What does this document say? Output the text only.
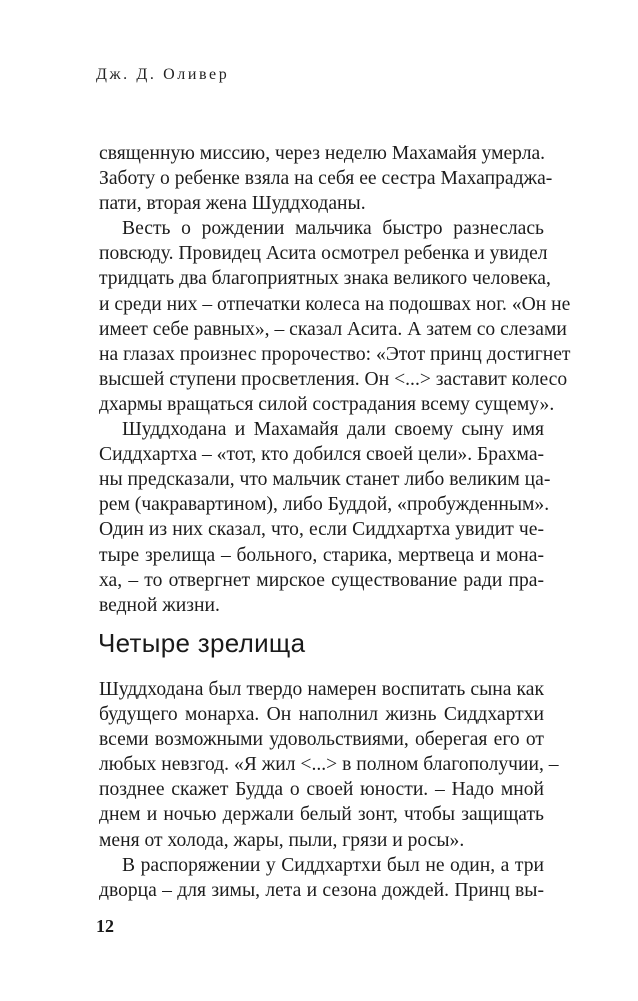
Дж. Д. Оливер
священную миссию, через неделю Махамайя умерла.
Заботу о ребенке взяла на себя ее сестра Махапраджа-
пати, вторая жена Шуддходаны.
Весть о рождении мальчика быстро разнеслась
повсюду. Провидец Асита осмотрел ребенка и увидел
тридцать два благоприятных знака великого человека,
и среди них – отпечатки колеса на подошвах ног. «Он не
имеет себе равных», – сказал Асита. А затем со слезами
на глазах произнес пророчество: «Этот принц достигнет
высшей ступени просветления. Он <...> заставит колесо
дхармы вращаться силой сострадания всему сущему».
Шуддходана и Махамайя дали своему сыну имя
Сиддхартха – «тот, кто добился своей цели». Брахма-
ны предсказали, что мальчик станет либо великим ца-
рем (чакравартином), либо Буддой, «пробужденным».
Один из них сказал, что, если Сиддхартха увидит че-
тыре зрелища – больного, старика, мертвеца и мона-
ха, – то отвергнет мирское существование ради пра-
ведной жизни.
Четыре зрелища
Шуддходана был твердо намерен воспитать сына как
будущего монарха. Он наполнил жизнь Сиддхартхи
всеми возможными удовольствиями, оберегая его от
любых невзгод. «Я жил <...> в полном благополучии, –
позднее скажет Будда о своей юности. – Надо мной
днем и ночью держали белый зонт, чтобы защищать
меня от холода, жары, пыли, грязи и росы».
В распоряжении у Сиддхартхи был не один, а три
дворца – для зимы, лета и сезона дождей. Принц вы-
12
